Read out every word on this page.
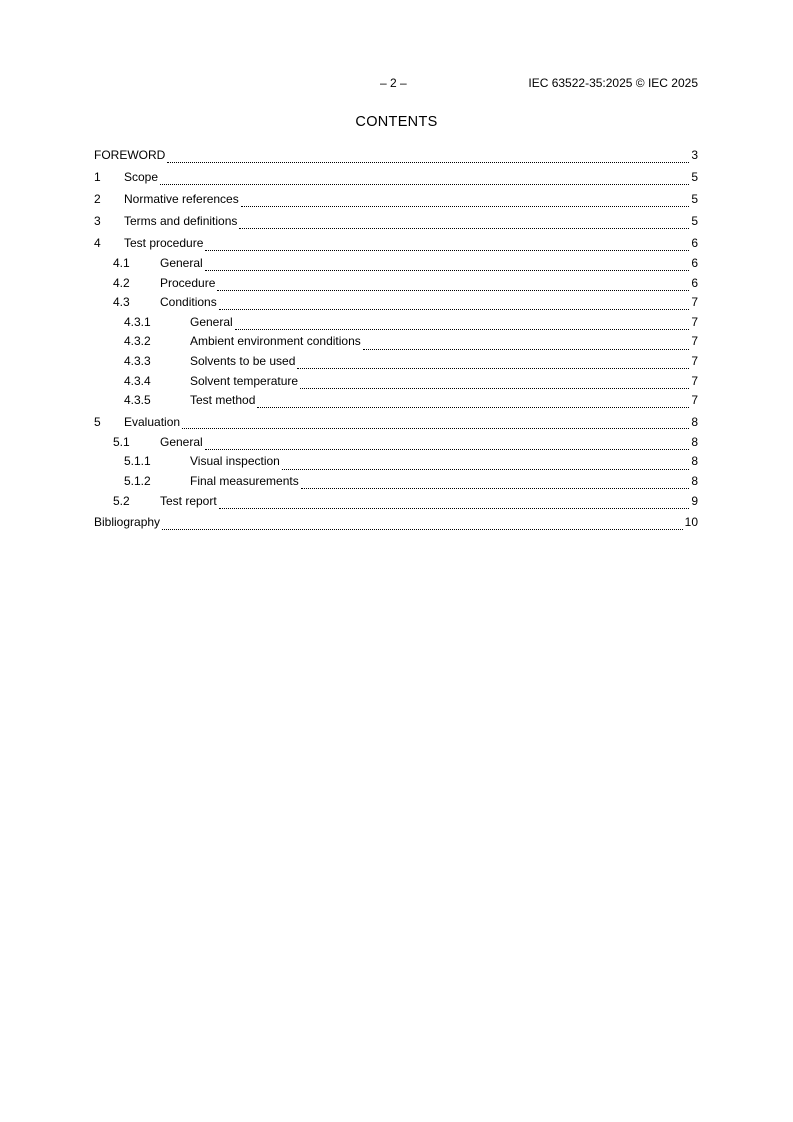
– 2 –	IEC 63522-35:2025 © IEC 2025
CONTENTS
FOREWORD	3
1	Scope	5
2	Normative references	5
3	Terms and definitions	5
4	Test procedure	6
4.1	General	6
4.2	Procedure	6
4.3	Conditions	7
4.3.1	General	7
4.3.2	Ambient environment conditions	7
4.3.3	Solvents to be used	7
4.3.4	Solvent temperature	7
4.3.5	Test method	7
5	Evaluation	8
5.1	General	8
5.1.1	Visual inspection	8
5.1.2	Final measurements	8
5.2	Test report	9
Bibliography	10
